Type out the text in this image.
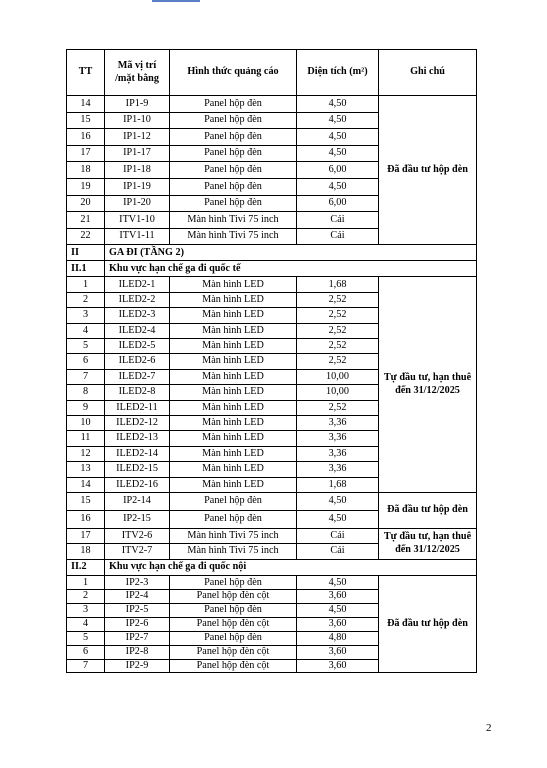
TT	Mã vị trí /mặt bằng	Hình thức quảng cáo	Diện tích (m²)	Ghi chú
14	IP1-9	Panel hộp đèn	4,50	Đã đầu tư hộp đèn
15	IP1-10	Panel hộp đèn	4,50	
16	IP1-12	Panel hộp đèn	4,50	
17	IP1-17	Panel hộp đèn	4,50	
18	IP1-18	Panel hộp đèn	6,00	
19	IP1-19	Panel hộp đèn	4,50	
20	IP1-20	Panel hộp đèn	6,00	
21	ITV1-10	Màn hình Tivi 75 inch	Cái	
22	ITV1-11	Màn hình Tivi 75 inch	Cái	
II	GA ĐI (TẦNG 2)			
II.1	Khu vực hạn chế ga đi quốc tế			
1	ILED2-1	Màn hình LED	1,68	Tự đầu tư, hạn thuê đến 31/12/2025
2	ILED2-2	Màn hình LED	2,52	
3	ILED2-3	Màn hình LED	2,52	
4	ILED2-4	Màn hình LED	2,52	
5	ILED2-5	Màn hình LED	2,52	
6	ILED2-6	Màn hình LED	2,52	
7	ILED2-7	Màn hình LED	10,00	
8	ILED2-8	Màn hình LED	10,00	
9	ILED2-11	Màn hình LED	2,52	
10	ILED2-12	Màn hình LED	3,36	
11	ILED2-13	Màn hình LED	3,36	
12	ILED2-14	Màn hình LED	3,36	
13	ILED2-15	Màn hình LED	3,36	
14	ILED2-16	Màn hình LED	1,68	
15	IP2-14	Panel hộp đèn	4,50	Đã đầu tư hộp đèn
16	IP2-15	Panel hộp đèn	4,50	
17	ITV2-6	Màn hình Tivi 75 inch	Cái	Tự đầu tư, hạn thuê đến 31/12/2025
18	ITV2-7	Màn hình Tivi 75 inch	Cái	
II.2	Khu vực hạn chế ga đi quốc nội			
1	IP2-3	Panel hộp đèn	4,50	Đã đầu tư hộp đèn
2	IP2-4	Panel hộp đèn cột	3,60	
3	IP2-5	Panel hộp đèn	4,50	
4	IP2-6	Panel hộp đèn cột	3,60	
5	IP2-7	Panel hộp đèn	4,80	
6	IP2-8	Panel hộp đèn cột	3,60	
7	IP2-9	Panel hộp đèn cột	3,60	
2
